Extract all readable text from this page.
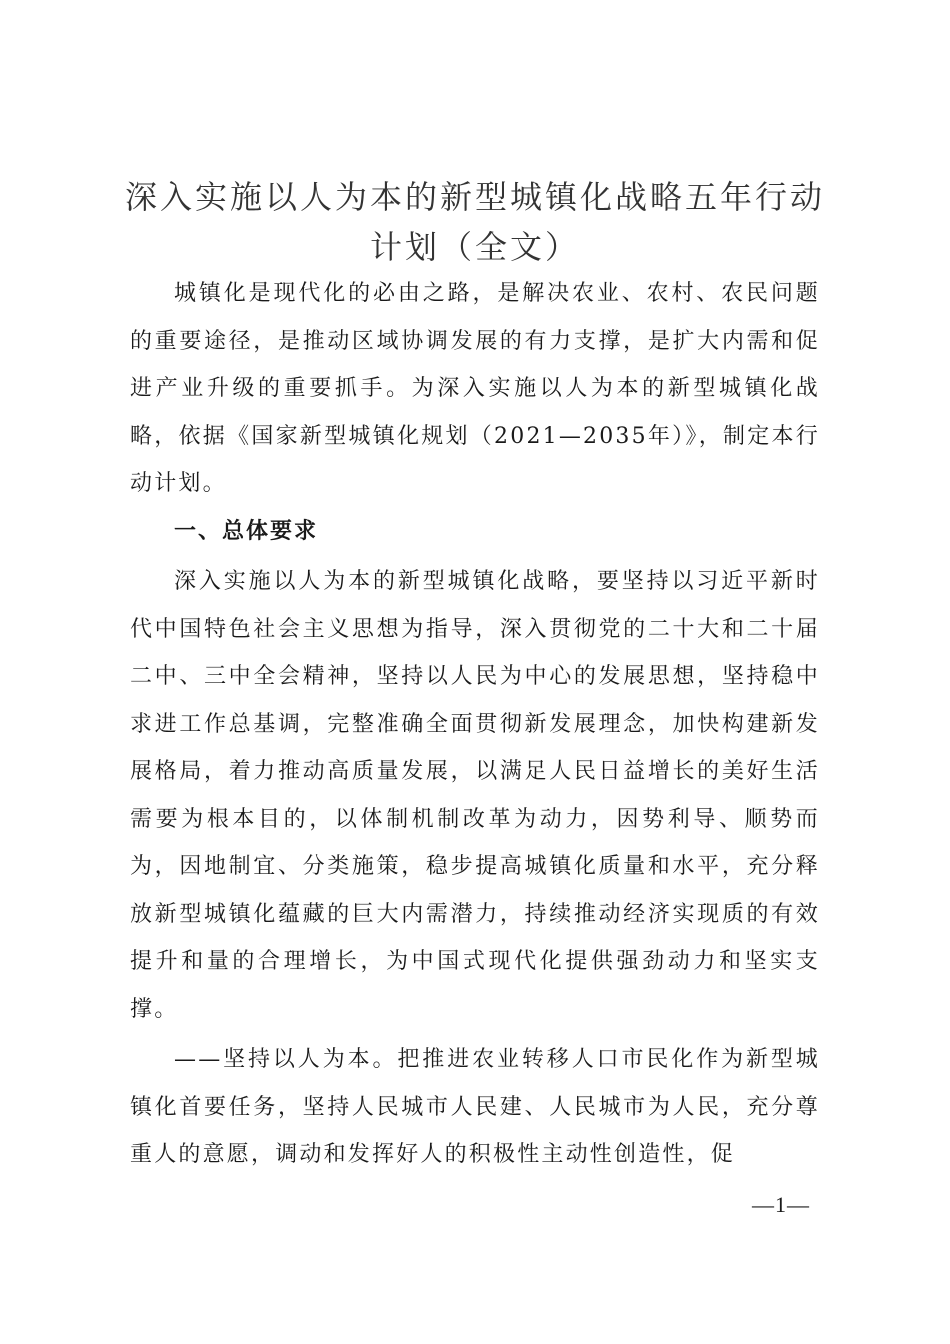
深入实施以人为本的新型城镇化战略五年行动计划（全文）

城镇化是现代化的必由之路，是解决农业、农村、农民问题的重要途径，是推动区域协调发展的有力支撑，是扩大内需和促进产业升级的重要抓手。为深入实施以人为本的新型城镇化战略，依据《国家新型城镇化规划（2021—2035年）》，制定本行动计划。

一、总体要求

深入实施以人为本的新型城镇化战略，要坚持以习近平新时代中国特色社会主义思想为指导，深入贯彻党的二十大和二十届二中、三中全会精神，坚持以人民为中心的发展思想，坚持稳中求进工作总基调，完整准确全面贯彻新发展理念，加快构建新发展格局，着力推动高质量发展，以满足人民日益增长的美好生活需要为根本目的，以体制机制改革为动力，因势利导、顺势而为，因地制宜、分类施策，稳步提高城镇化质量和水平，充分释放新型城镇化蕴藏的巨大内需潜力，持续推动经济实现质的有效提升和量的合理增长，为中国式现代化提供强劲动力和坚实支撑。

——坚持以人为本。把推进农业转移人口市民化作为新型城镇化首要任务，坚持人民城市人民建、人民城市为人民，充分尊重人的意愿，调动和发挥好人的积极性主动性创造性，促

—1—
